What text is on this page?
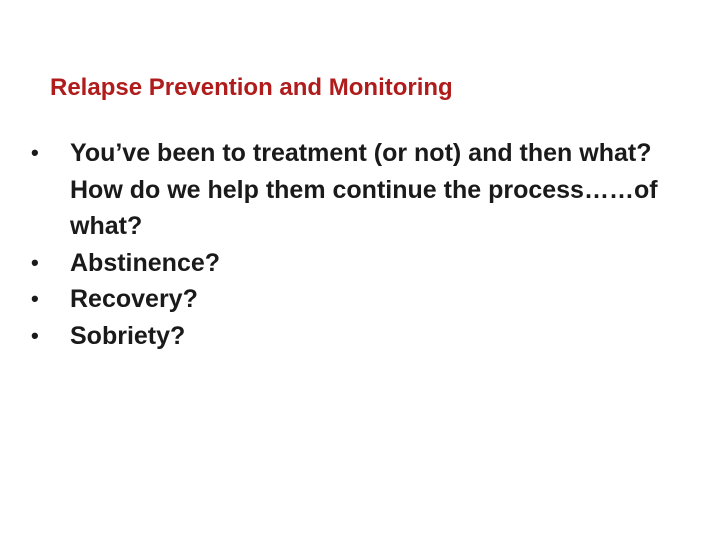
Relapse Prevention and Monitoring
• You’ve been to treatment (or not) and then what? How do we help them continue the process……of what?
• Abstinence?
• Recovery?
• Sobriety?
